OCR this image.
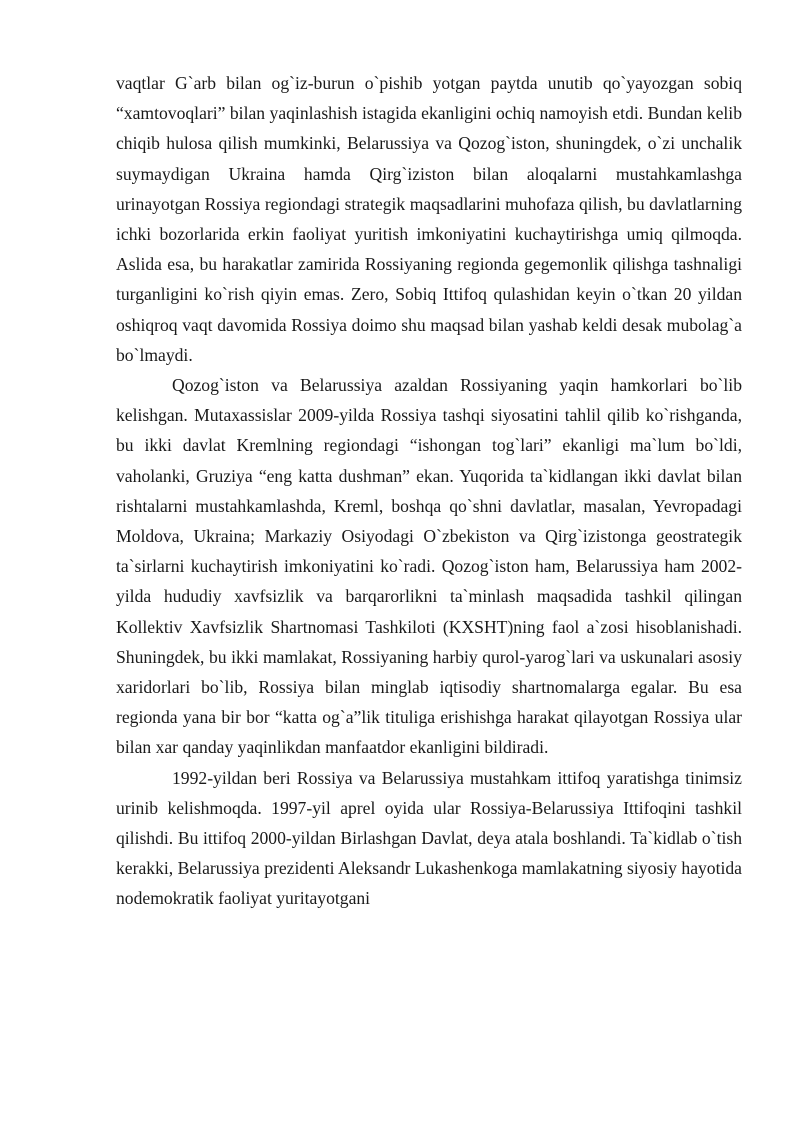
vaqtlar G`arb bilan og`iz-burun o`pishib yotgan paytda unutib qo`yayozgan sobiq “xamtovoqlari” bilan yaqinlashish istagida ekanligini ochiq namoyish etdi. Bundan kelib chiqib hulosa qilish mumkinki, Belarussiya va Qozog`iston, shuningdek, o`zi unchalik suymaydigan Ukraina hamda Qirg`iziston bilan aloqalarni mustahkamlashga urinayotgan Rossiya regiondagi strategik maqsadlarini muhofaza qilish, bu davlatlarning ichki bozorlarida erkin faoliyat yuritish imkoniyatini kuchaytirishga umiq qilmoqda. Aslida esa, bu harakatlar zamirida Rossiyaning regionda gegemonlik qilishga tashnaligi turganligini ko`rish qiyin emas. Zero, Sobiq Ittifoq qulashidan keyin o`tkan 20 yildan oshiqroq vaqt davomida Rossiya doimo shu maqsad bilan yashab keldi desak mubolag`a bo`lmaydi.

Qozog`iston va Belarussiya azaldan Rossiyaning yaqin hamkorlari bo`lib kelishgan. Mutaxassislar 2009-yilda Rossiya tashqi siyosatini tahlil qilib ko`rishganda, bu ikki davlat Kremlning regiondagi “ishongan tog`lari” ekanligi ma`lum bo`ldi, vaholanki, Gruziya “eng katta dushman” ekan. Yuqorida ta`kidlangan ikki davlat bilan rishtalarni mustahkamlashda, Kreml, boshqa qo`shni davlatlar, masalan, Yevropadagi Moldova, Ukraina; Markaziy Osiyodagi O`zbekiston va Qirg`izistonga geostrategik ta`sirlarni kuchaytirish imkoniyatini ko`radi. Qozog`iston ham, Belarussiya ham 2002-yilda hududiy xavfsizlik va barqarorlikni ta`minlash maqsadida tashkil qilingan Kollektiv Xavfsizlik Shartnomasi Tashkiloti (KXSHT)ning faol a`zosi hisoblanishadi. Shuningdek, bu ikki mamlakat, Rossiyaning harbiy qurol-yarog`lari va uskunalari asosiy xaridorlari bo`lib, Rossiya bilan minglab iqtisodiy shartnomalarga egalar. Bu esa regionda yana bir bor “katta og`a”lik tituliga erishishga harakat qilayotgan Rossiya ular bilan xar qanday yaqinlikdan manfaatdor ekanligini bildiradi.

1992-yildan beri Rossiya va Belarussiya mustahkam ittifoq yaratishga tinimsiz urinib kelishmoqda. 1997-yil aprel oyida ular Rossiya-Belarussiya Ittifoqini tashkil qilishdi. Bu ittifoq 2000-yildan Birlashgan Davlat, deya atala boshlandi. Ta`kidlab o`tish kerakki, Belarussiya prezidenti Aleksandr Lukashenkoga mamlakatning siyosiy hayotida nodemokratik faoliyat yuritayotgani
